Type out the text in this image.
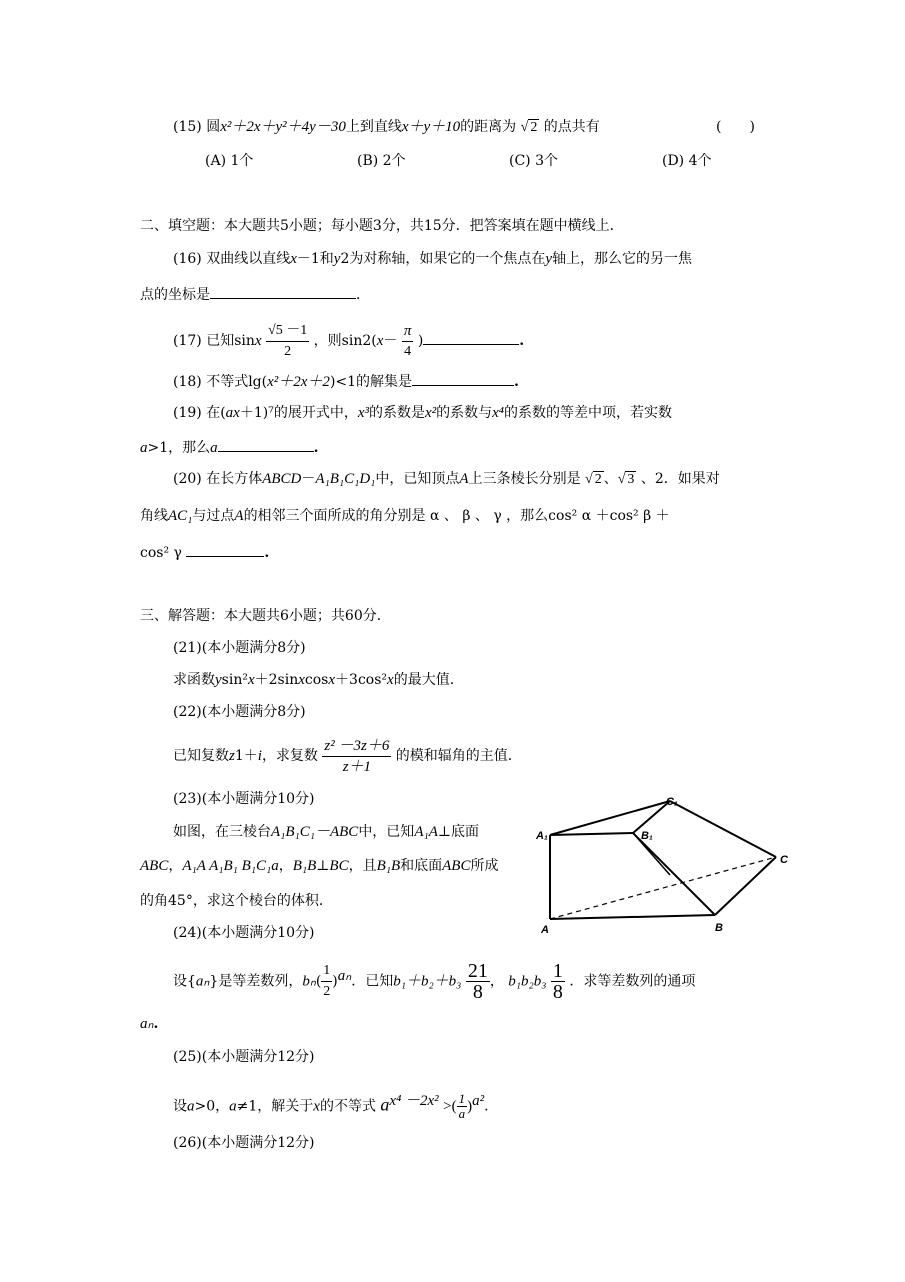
(15) 圆x²＋2x＋y²＋4y－30上到直线x＋y＋10的距离为 √ 2 的点共有	(　　)
(A) 1个	(B) 2个	(C) 3个	(D) 4个
二、填空题：本大题共5小题；每小题3分，共15分．把答案填在题中横线上．
(16) 双曲线以直线x－1和y2为对称轴，如果它的一个焦点在y轴上，那么它的另一焦
点的坐标是	．
(17) 已知sinx $\frac{√5 -1}{2}$ ，则$\sin 2(x- \frac{\pi}{4}$ )	.
(18) 不等式lg(x²＋2x＋2)<1的解集是	.
(19) 在(ax＋1)⁷的展开式中，x³的系数是x²的系数与x⁴的系数的等差中项，若实数
a>1，那么a	.
(20) 在长方体ABCD－A₁B₁C₁D₁中，已知顶点A上三条棱长分别是 √ 2 、√ 3 、2．如果对
角线AC₁与过点A的相邻三个面所成的角分别是 α 、 β 、 γ ，那么cos² α ＋cos² β ＋
cos² γ	.
三、解答题：本大题共6小题；共60分．
(21)(本小题满分8分)
求函数ysin²x＋2sinxcosx＋3cos²x的最大值．
(22)(本小题满分8分)
已知复数z1＋i，求复数 $\frac{\text{z² －3z＋6}}{z+1}$ 的模和辐角的主值．
(23)(本小题满分10分)
如图，在三棱台A₁B₁C₁－ABC中，已知A₁A⊥底面
ABC，A₁A A₁B₁ B₁C₁a，B₁B⊥BC，且B₁B和底面ABC所成
的角45°，求这个棱台的体积．
C₁
A₁	B₁
C
A	B
(24)(本小题满分10分)
设{aₙ}是等差数列，$b_n( \frac{1}{2} )^{a_n}$．已知$b_1+b_2+b_3 \frac{21}{8}$ ， $b_1b_2b_3 \frac{1}{8}$ ．求等差数列的通项
aₙ.
(25)(本小题满分12分)
设a>0，a≠1，解关于x的不等式 $a^{x^4 -2x^2}$ >( $\frac{1}{a} )^{a^2}$.
(26)(本小题满分12分)
